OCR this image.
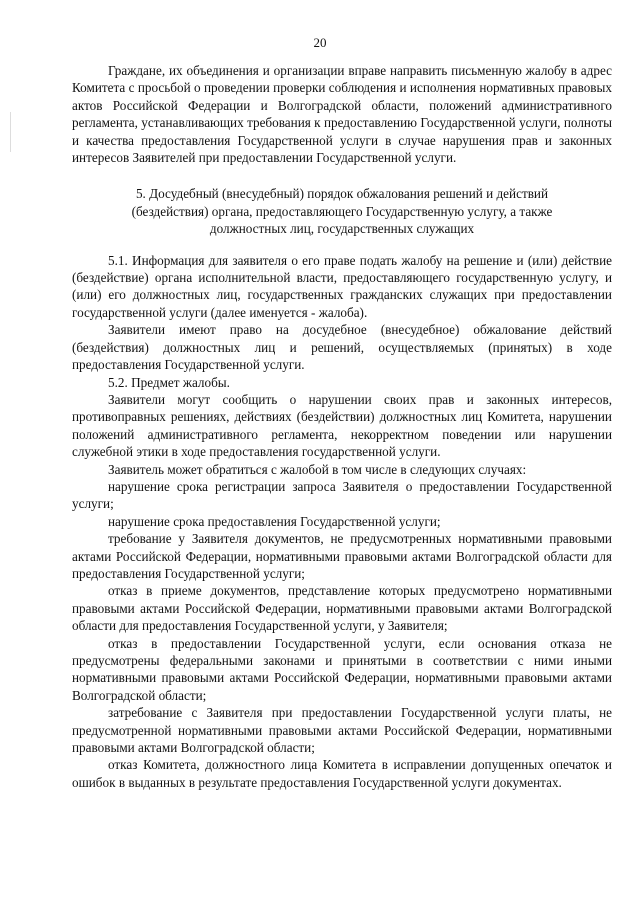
20

Граждане, их объединения и организации вправе направить письменную жалобу в адрес Комитета с просьбой о проведении проверки соблюдения и исполнения нормативных правовых актов Российской Федерации и Волгоградской области, положений административного регламента, устанавливающих требования к предоставлению Государственной услуги, полноты и качества предоставления Государственной услуги в случае нарушения прав и законных интересов Заявителей при предоставлении Государственной услуги.

5. Досудебный (внесудебный) порядок обжалования решений и действий
(бездействия) органа, предоставляющего Государственную услугу, а также
должностных лиц, государственных служащих

5.1. Информация для заявителя о его праве подать жалобу на решение и (или) действие (бездействие) органа исполнительной власти, предоставляющего государственную услугу, и (или) его должностных лиц, государственных гражданских служащих при предоставлении государственной услуги (далее именуется - жалоба).

Заявители имеют право на досудебное (внесудебное) обжалование действий (бездействия) должностных лиц и решений, осуществляемых (принятых) в ходе предоставления Государственной услуги.

5.2. Предмет жалобы.

Заявители могут сообщить о нарушении своих прав и законных интересов, противоправных решениях, действиях (бездействии) должностных лиц Комитета, нарушении положений административного регламента, некорректном поведении или нарушении служебной этики в ходе предоставления государственной услуги.

Заявитель может обратиться с жалобой в том числе в следующих случаях:

нарушение срока регистрации запроса Заявителя о предоставлении Государственной услуги;

нарушение срока предоставления Государственной услуги;

требование у Заявителя документов, не предусмотренных нормативными правовыми актами Российской Федерации, нормативными правовыми актами Волгоградской области для предоставления Государственной услуги;

отказ в приеме документов, представление которых предусмотрено нормативными правовыми актами Российской Федерации, нормативными правовыми актами Волгоградской области для предоставления Государственной услуги, у Заявителя;

отказ в предоставлении Государственной услуги, если основания отказа не предусмотрены федеральными законами и принятыми в соответствии с ними иными нормативными правовыми актами Российской Федерации, нормативными правовыми актами Волгоградской области;

затребование с Заявителя при предоставлении Государственной услуги платы, не предусмотренной нормативными правовыми актами Российской Федерации, нормативными правовыми актами Волгоградской области;

отказ Комитета, должностного лица Комитета в исправлении допущенных опечаток и ошибок в выданных в результате предоставления Государственной услуги документах.
